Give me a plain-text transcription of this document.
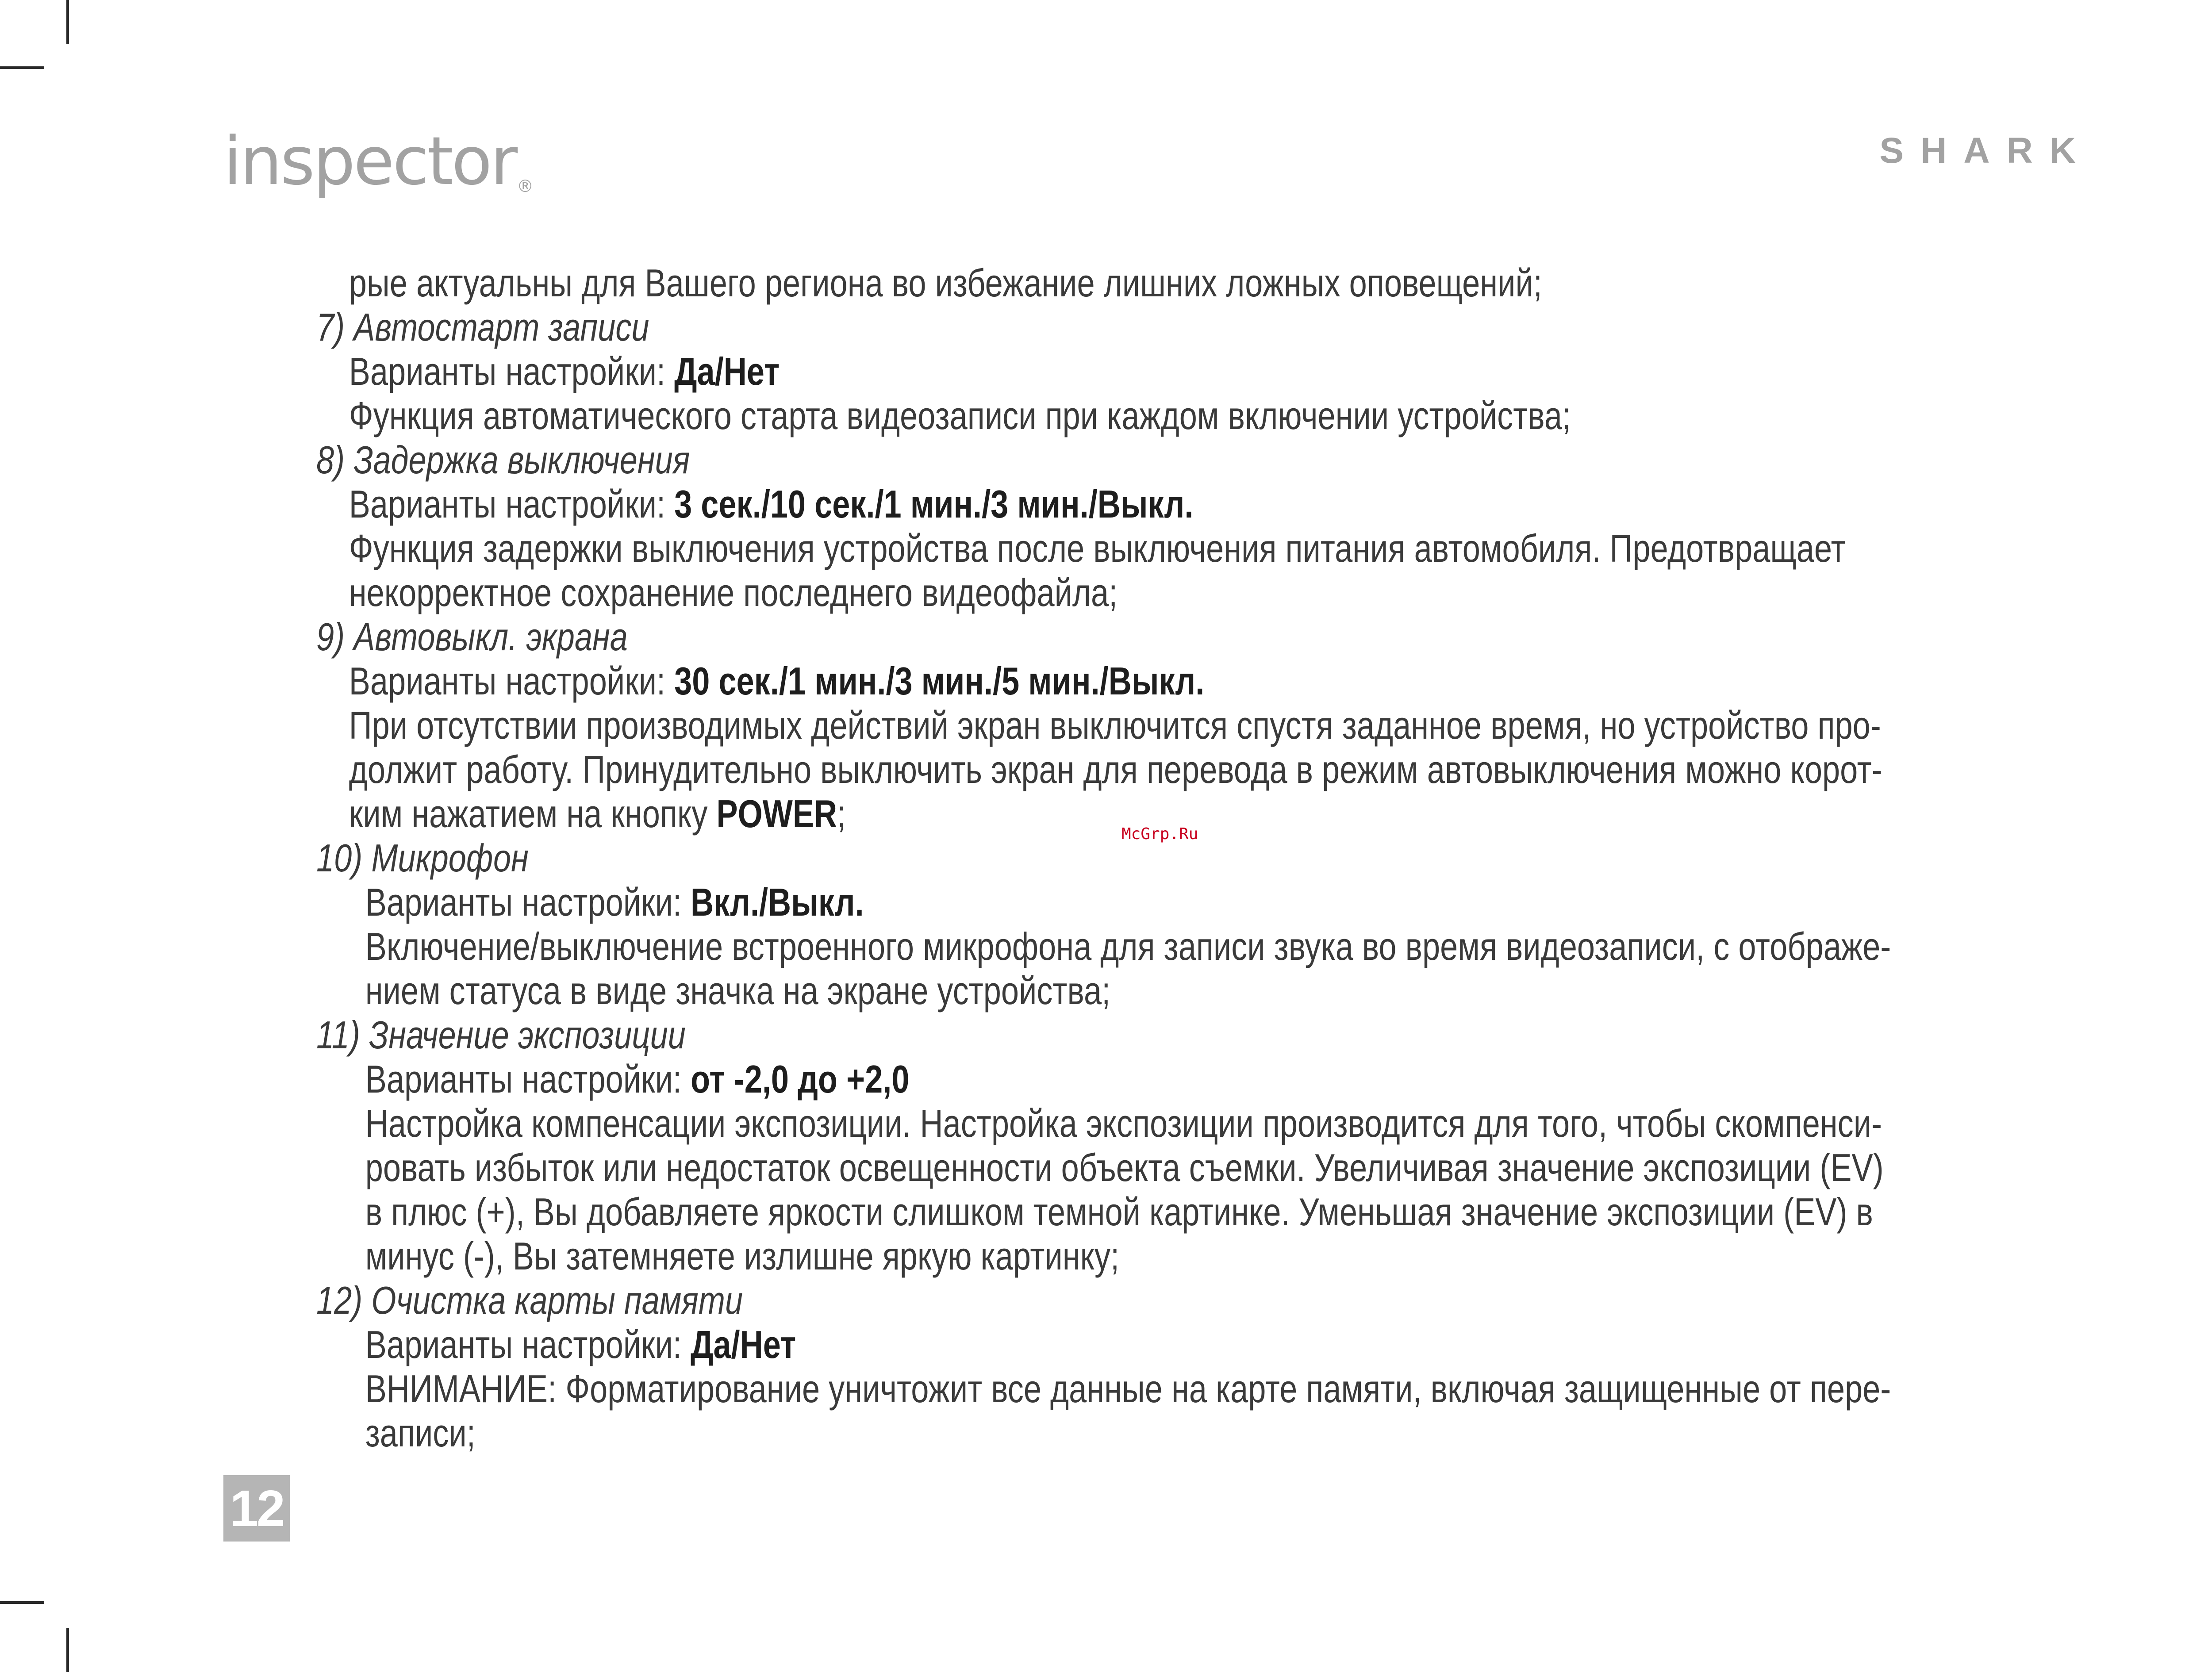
inspector®
SHARK
McGrp.Ru
рые актуальны для Вашего региона во избежание лишних ложных оповещений;
7) Автостарт записи
Варианты настройки: Да/Нет
Функция автоматического старта видеозаписи при каждом включении устройства;
8) Задержка выключения
Варианты настройки: 3 сек./10 сек./1 мин./3 мин./Выкл.
Функция задержки выключения устройства после выключения питания автомобиля. Предотвращает
некорректное сохранение последнего видеофайла;
9) Автовыкл. экрана
Варианты настройки: 30 сек./1 мин./3 мин./5 мин./Выкл.
При отсутствии производимых действий экран выключится спустя заданное время, но устройство про-
должит работу. Принудительно выключить экран для перевода в режим автовыключения можно корот-
ким нажатием на кнопку POWER;
10) Микрофон
Варианты настройки: Вкл./Выкл.
Включение/выключение встроенного микрофона для записи звука во время видеозаписи, с отображе-
нием статуса в виде значка на экране устройства;
11) Значение экспозиции
Варианты настройки: от -2,0 до +2,0
Настройка компенсации экспозиции. Настройка экспозиции производится для того, чтобы скомпенси-
ровать избыток или недостаток освещенности объекта съемки. Увеличивая значение экспозиции (EV)
в плюс (+), Вы добавляете яркости слишком темной картинке. Уменьшая значение экспозиции (EV) в
минус (-), Вы затемняете излишне яркую картинку;
12) Очистка карты памяти
Варианты настройки: Да/Нет
ВНИМАНИЕ: Форматирование уничтожит все данные на карте памяти, включая защищенные от пере-
записи;
12
